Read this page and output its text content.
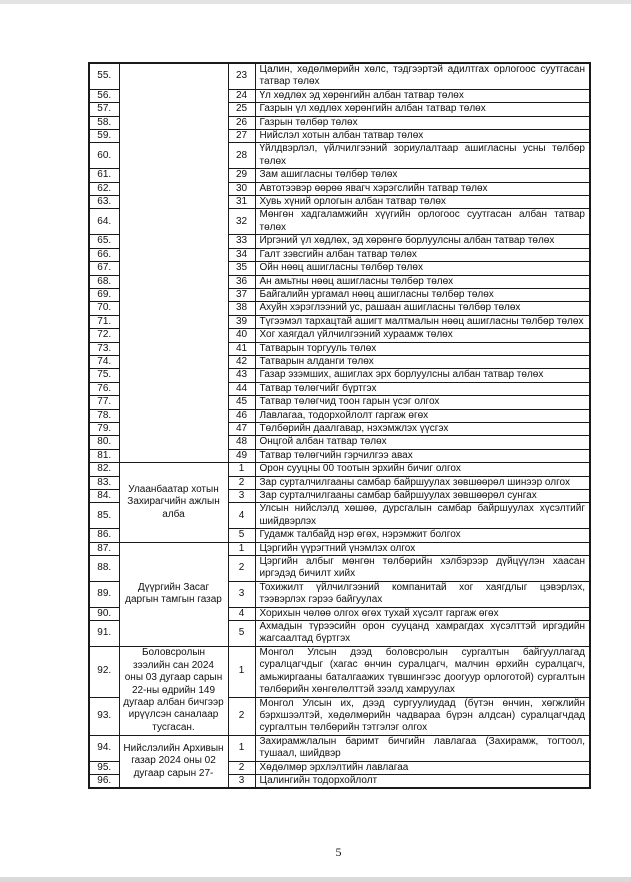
55.		23	Цалин, хөдөлмөрийн хөлс, тэдгээртэй адилтгах орлогоос суутгасан татвар төлөх
56.		24	Үл хөдлөх эд хөрөнгийн албан татвар төлөх
57.		25	Газрын үл хөдлөх хөрөнгийн албан татвар төлөх
58.		26	Газрын төлбөр төлөх
59.		27	Нийслэл хотын албан татвар төлөх
60.		28	Үйлдвэрлэл, үйлчилгээний зориулалтаар ашигласны усны төлбөр төлөх
61.		29	Зам ашигласны төлбөр төлөх
62.		30	Автотээвэр өөрөө явагч хэрэгслийн татвар төлөх
63.		31	Хувь хүний орлогын албан татвар төлөх
64.		32	Мөнгөн хадгаламжийн хүүгийн орлогоос суутгасан албан татвар төлөх
65.		33	Иргэний үл хөдлөх, эд хөрөнгө борлуулсны албан татвар төлөх
66.		34	Галт зэвсгийн албан татвар төлөх
67.		35	Ойн нөөц ашигласны төлбөр төлөх
68.		36	Ан амьтны нөөц ашигласны төлбөр төлөх
69.		37	Байгалийн ургамал нөөц ашигласны төлбөр төлөх
70.		38	Ахуйн хэрэглээний ус, рашаан ашигласны төлбөр төлөх
71.		39	Түгээмэл тархацтай ашигт малтмалын нөөц ашигласны төлбөр төлөх
72.		40	Хог хаягдал үйлчилгээний хураамж төлөх
73.		41	Татварын торгууль төлөх
74.		42	Татварын алданги төлөх
75.		43	Газар эзэмших, ашиглах эрх борлуулсны албан татвар төлөх
76.		44	Татвар төлөгчийг бүртгэх
77.		45	Татвар төлөгчид тоон гарын үсэг олгох
78.		46	Лавлагаа, тодорхойлолт гаргаж өгөх
79.		47	Төлбөрийн даалгавар, нэхэмжлэх үүсгэх
80.		48	Онцгой албан татвар төлөх
81.		49	Татвар төлөгчийн гэрчилгээ авах
82.	Улаанбаатар хотын Захирагчийн ажлын алба	1	Орон сууцны 00 тоотын эрхийн бичиг олгох
83.		2	Зар сурталчилгааны самбар байршуулах зөвшөөрөл шинээр олгох
84.		3	Зар сурталчилгааны самбар байршуулах зөвшөөрөл сунгах
85.		4	Улсын нийслэлд хөшөө, дурсгалын самбар байршуулах хүсэлтийг шийдвэрлэх
86.		5	Гудамж талбайд нэр өгөх, нэрэмжит болгох
87.	Дүүргийн Засаг даргын тамгын газар	1	Цэргийн үүрэгтний үнэмлэх олгох
88.		2	Цэргийн албыг мөнгөн төлбөрийн хэлбэрээр дүйцүүлэн хаасан иргэдэд бичилт хийх
89.		3	Тохижилт үйлчилгээний компанитай хог хаягдлыг цэвэрлэх, тээвэрлэх гэрээ байгуулах
90.		4	Хорихын чөлөө олгох өгөх тухай хүсэлт гаргаж өгөх
91.		5	Ахмадын түрээсийн орон сууцанд хамрагдах хүсэлттэй иргэдийн жагсаалтад бүртгэх
92.	Боловсролын зээлийн сан 2024 оны 03 дугаар сарын 22-ны өдрийн 149 дугаар албан бичгээр ирүүлсэн саналаар тусгасан.	1	Монгол Улсын дээд боловсролын сургалтын байгууллагад суралцагчдыг (хагас өнчин суралцагч, малчин өрхийн суралцагч, амьжиргааны баталгаажих түвшингээс доогуур орлоготой) сургалтын төлбөрийн хөнгөлөлттэй зээлд хамруулах
93.		2	Монгол Улсын их, дээд сургуулиудад (бүтэн өнчин, хөгжлийн бэрхшээлтэй, хөдөлмөрийн чадвараа бүрэн алдсан) суралцагчдад сургалтын төлбөрийн тэтгэлэг олгох
94.	Нийслэлийн Архивын газар 2024 оны 02 дугаар сарын 27-	1	Захирамжлалын баримт бичгийн лавлагаа (Захирамж, тогтоол, тушаал, шийдвэр
95.		2	Хөдөлмөр эрхлэлтийн лавлагаа
96.		3	Цалингийн тодорхойлолт
5
